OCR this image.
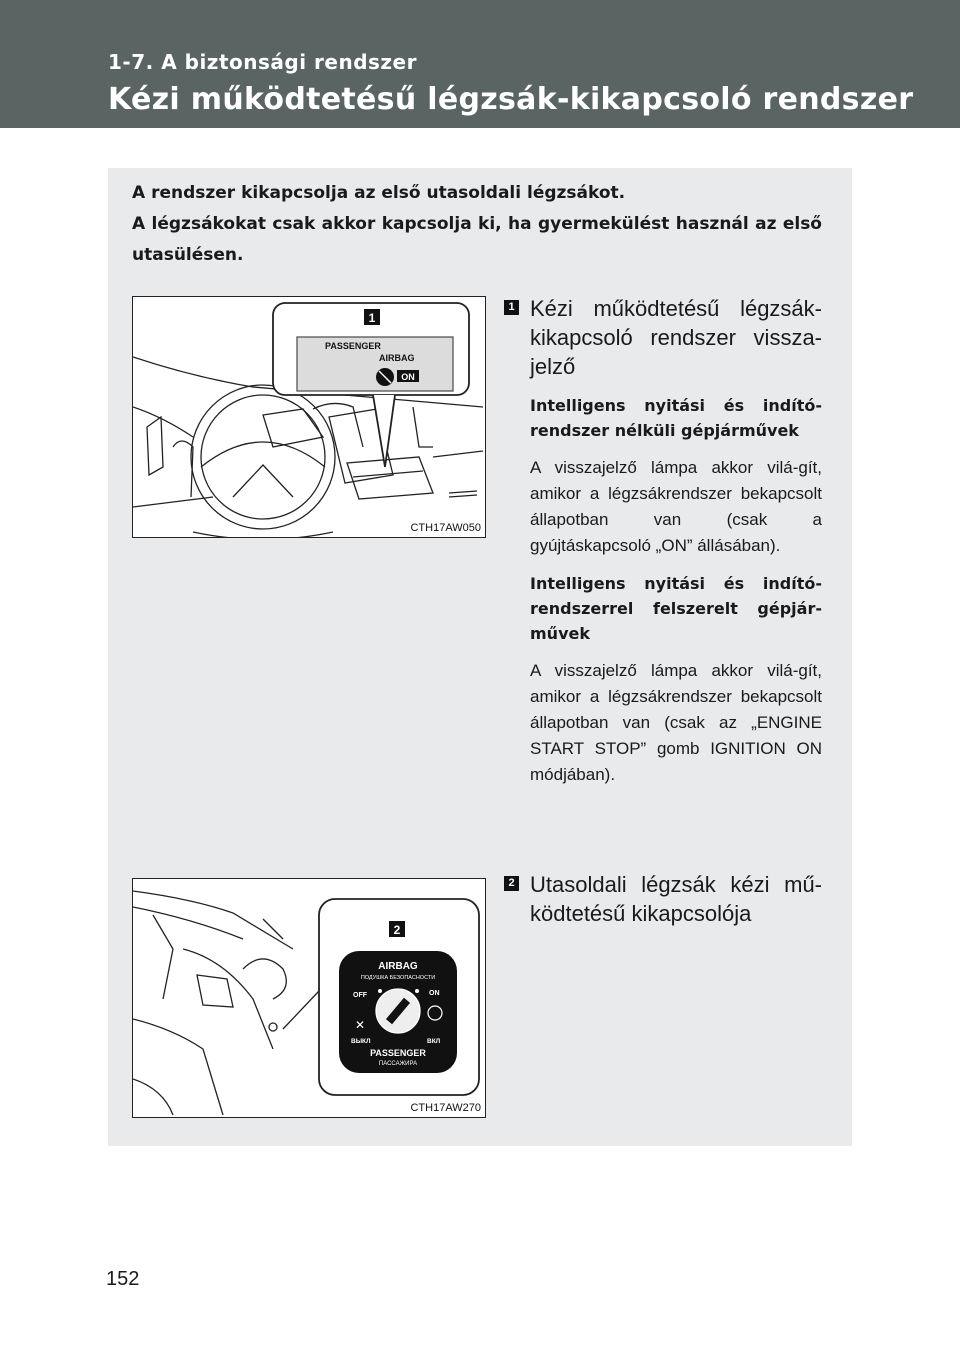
1-7. A biztonsági rendszer
Kézi működtetésű légzsák-kikapcsoló rendszer

A rendszer kikapcsolja az első utasoldali légzsákot.

A légzsákokat csak akkor kapcsolja ki, ha gyermekülést használ az első utasülésen.

1
PASSENGER
AIRBAG
ON
CTH17AW050
2
AIRBAG
ПОДУШКА БЕЗОПАСНОСТИ
OFF	ON
✕
ВЫКЛ	ВКЛ
PASSENGER
ПАССАЖИРА
CTH17AW270
1 Kézi működtetésű légzsák-kikapcsoló rendszer vissza-jelző
Intelligens nyitási és indító-rendszer nélküli gépjárművek
A visszajelző lámpa akkor vilá-gít, amikor a légzsákrendszer bekapcsolt állapotban van (csak a gyújtáskapcsoló „ON” állásában).
Intelligens nyitási és indító-rendszerrel felszerelt gépjár-művek
A visszajelző lámpa akkor vilá-gít, amikor a légzsákrendszer bekapcsolt állapotban van (csak az „ENGINE START STOP” gomb IGNITION ON módjában).
2 Utasoldali légzsák kézi mű-ködtetésű kikapcsolója
152
